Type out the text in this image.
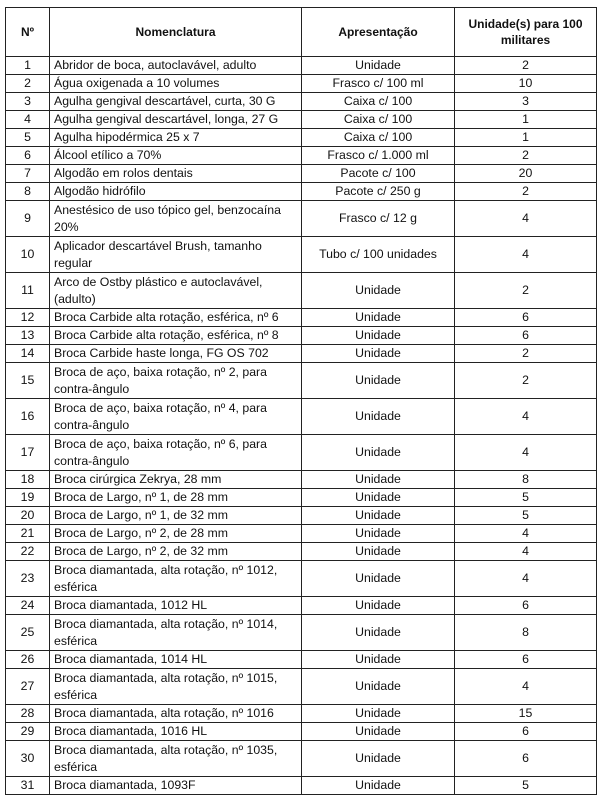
Nº	Nomenclatura	Apresentação	Unidade(s) para 100 militares
1	Abridor de boca, autoclavável, adulto	Unidade	2
2	Água oxigenada a 10 volumes	Frasco c/ 100 ml	10
3	Agulha gengival descartável, curta, 30 G	Caixa c/ 100	3
4	Agulha gengival descartável, longa, 27 G	Caixa c/ 100	1
5	Agulha hipodérmica 25 x 7	Caixa c/ 100	1
6	Álcool etílico a 70%	Frasco c/ 1.000 ml	2
7	Algodão em rolos dentais	Pacote c/ 100	20
8	Algodão hidrófilo	Pacote c/ 250 g	2
9	Anestésico de uso tópico gel, benzocaína 20%	Frasco c/ 12 g	4
10	Aplicador descartável Brush, tamanho regular	Tubo c/ 100 unidades	4
11	Arco de Ostby plástico e autoclavável, (adulto)	Unidade	2
12	Broca Carbide alta rotação, esférica, nº 6	Unidade	6
13	Broca Carbide alta rotação, esférica, nº 8	Unidade	6
14	Broca Carbide haste longa, FG OS 702	Unidade	2
15	Broca de aço, baixa rotação, nº 2, para contra-ângulo	Unidade	2
16	Broca de aço, baixa rotação, nº 4, para contra-ângulo	Unidade	4
17	Broca de aço, baixa rotação, nº 6, para contra-ângulo	Unidade	4
18	Broca cirúrgica Zekrya, 28 mm	Unidade	8
19	Broca de Largo, nº 1, de 28 mm	Unidade	5
20	Broca de Largo, nº 1, de 32 mm	Unidade	5
21	Broca de Largo, nº 2, de 28 mm	Unidade	4
22	Broca de Largo, nº 2, de 32 mm	Unidade	4
23	Broca diamantada, alta rotação, nº 1012, esférica	Unidade	4
24	Broca diamantada, 1012 HL	Unidade	6
25	Broca diamantada, alta rotação, nº 1014, esférica	Unidade	8
26	Broca diamantada, 1014 HL	Unidade	6
27	Broca diamantada, alta rotação, nº 1015, esférica	Unidade	4
28	Broca diamantada, alta rotação, nº 1016	Unidade	15
29	Broca diamantada, 1016 HL	Unidade	6
30	Broca diamantada, alta rotação, nº 1035, esférica	Unidade	6
31	Broca diamantada, 1093F	Unidade	5
